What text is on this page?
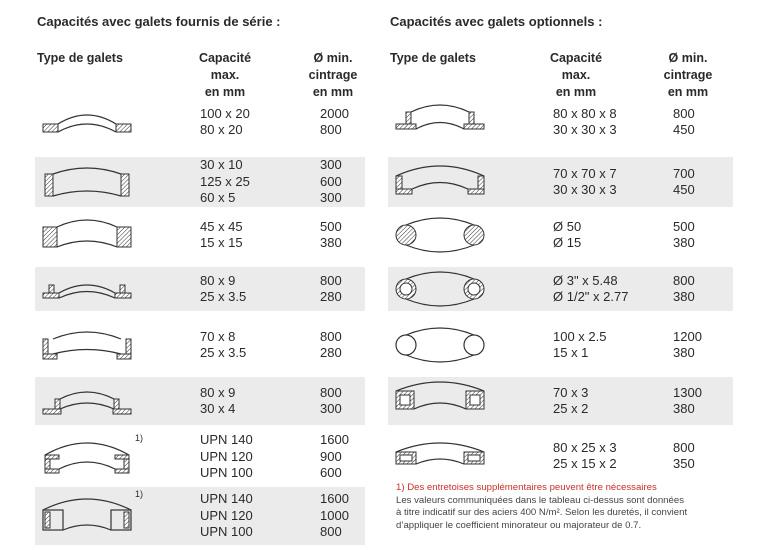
Capacités avec galets fournis de série :
Type de galets	Capacité
max.
en mm
Ø min.
cintrage
en mm
100 x 20
80 x 20
2000
800
30 x 10
125 x 25
60 x 5
300
600
300
45 x 45
15 x 15
500
380
80 x 9
25 x 3.5
800
280
70 x 8
25 x 3.5
800
280
80 x 9
30 x 4
800
300
UPN 140
UPN 120
UPN 100
1600
900
600
1)
UPN 140
UPN 120
UPN 100
1600
1000
800
1)
Capacités avec galets optionnels :
Type de galets	Capacité
max.
en mm
Ø min.
cintrage
en mm
80 x 80 x 8
30 x 30 x 3
800
450
70 x 70 x 7
30 x 30 x 3
700
450
Ø 50
Ø 15
500
380
Ø 3" x 5.48
Ø 1/2" x 2.77
800
380
100 x 2.5
15 x 1
1200
380
70 x 3
25 x 2
1300
380
80 x 25 x 3
25 x 15 x 2
800
350
1) Des entretoises supplémentaires peuvent être nécessaires
Les valeurs communiquées dans le tableau ci-dessus sont données
à titre indicatif sur des aciers 400 N/m². Selon les duretés, il convient
d’appliquer le coefficient minorateur ou majorateur de 0.7.
